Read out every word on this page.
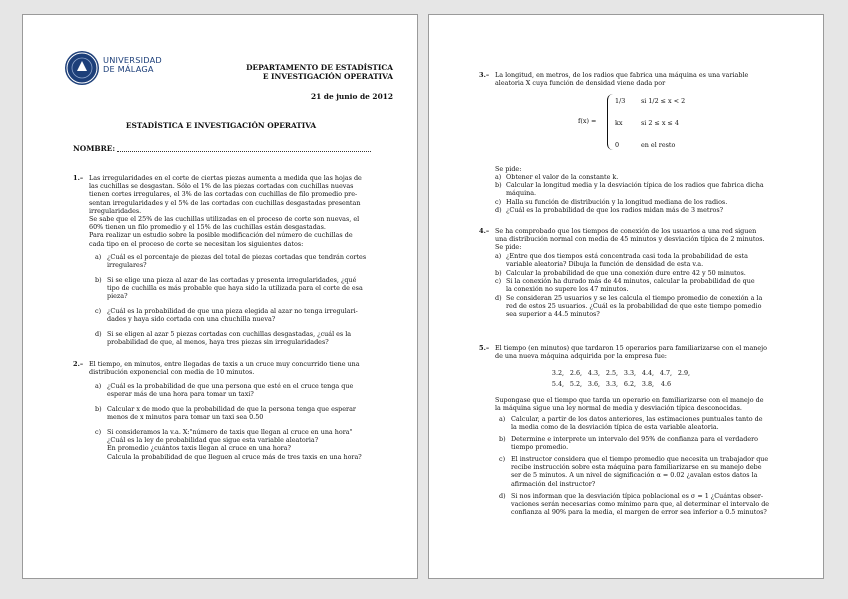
UNIVERSIDAD
DE MÁLAGA	DEPARTAMENTO DE ESTADÍSTICA
E INVESTIGACIÓN OPERATIVA
21 de junio de 2012
ESTADÍSTICA E INVESTIGACIÓN OPERATIVA
NOMBRE:
1.– Las irregularidades en el corte de ciertas piezas aumenta a medida que las hojas de
las cuchillas se desgastan. Sólo el 1% de las piezas cortadas con cuchillas nuevas
tienen cortes irregulares, el 3% de las cortadas con cuchillas de filo promedio pre-
sentan irregularidades y el 5% de las cortadas con cuchillas desgastadas presentan
irregularidades.
Se sabe que el 25% de las cuchillas utilizadas en el proceso de corte son nuevas, el
60% tienen un filo promedio y el 15% de las cuchillas están desgastadas.
Para realizar un estudio sobre la posible modificación del número de cuchillas de
cada tipo en el proceso de corte se necesitan los siguientes datos:
a) ¿Cuál es el porcentaje de piezas del total de piezas cortadas que tendrán cortes
irregulares?
b) Si se elige una pieza al azar de las cortadas y presenta irregularidades, ¿qué
tipo de cuchilla es más probable que haya sido la utilizada para el corte de esa
pieza?
c) ¿Cuál es la probabilidad de que una pieza elegida al azar no tenga irregulari-
dades y haya sido cortada con una chuchilla nueva?
d) Si se eligen al azar 5 piezas cortadas con cuchillas desgastadas, ¿cuál es la
probabilidad de que, al menos, haya tres piezas sin irregularidades?
2.– El tiempo, en minutos, entre llegadas de taxis a un cruce muy concurrido tiene una
distribución exponencial con media de 10 minutos.
a) ¿Cuál es la probabilidad de que una persona que esté en el cruce tenga que
esperar más de una hora para tomar un taxi?
b) Calcular x de modo que la probabilidad de que la persona tenga que esperar
menos de x minutos para tomar un taxi sea 0.50
c) Si consideramos la v.a. X:"número de taxis que llegan al cruce en una hora"
¿Cuál es la ley de probabilidad que sigue esta variable aleatoria?
En promedio ¿cuántos taxis llegan al cruce en una hora?
Calcula la probabilidad de que lleguen al cruce más de tres taxis en una hora?
3.– La longitud, en metros, de los radios que fabrica una máquina es una variable
aleatoria X cuya función de densidad viene dada por
f(x) =
1/3 si 1/2 ≤ x < 2
kx	si 2 ≤ x ≤ 4
0	en el resto
Se pide:
a) Obtener el valor de la constante k.
b) Calcular la longitud media y la desviación típica de los radios que fabrica dicha
máquina.
c) Halla su función de distribución y la longitud mediana de los radios.
d) ¿Cuál es la probabilidad de que los radios midan más de 3 metros?
4.– Se ha comprobado que los tiempos de conexión de los usuarios a una red siguen
una distribución normal con media de 45 minutos y desviación típica de 2 minutos.
Se pide:
a) ¿Entre que dos tiempos está concentrada casi toda la probabilidad de esta
variable aleatoria? Dibuja la función de densidad de esta v.a.
b) Calcular la probabilidad de que una conexión dure entre 42 y 50 minutos.
c) Si la conexión ha durado más de 44 minutos, calcular la probabilidad de que
la conexión no supere los 47 minutos.
d) Se consideran 25 usuarios y se les calcula el tiempo promedio de conexión a la
red de estos 25 usuarios. ¿Cuál es la probabilidad de que este tiempo pomedio
sea superior a 44.5 minutos?
5.– El tiempo (en minutos) que tardaron 15 operarios para familiarizarse con el manejo
de una nueva máquina adquirida por la empresa fue:
3.2, 2.6, 4.3, 2.5, 3.3, 4.4, 4.7, 2.9,
5.4, 5.2, 3.6, 3.3, 6.2, 3.8, 4.6
Supongase que el tiempo que tarda un operario en familiarizarse con el manejo de
la máquina sigue una ley normal de media y desviación típica desconocidas.
a) Calcular, a partir de los datos anteriores, las estimaciones puntuales tanto de
la media como de la desviación típica de esta variable aleatoria.
b) Determine e interprete un intervalo del 95% de confianza para el verdadero
tiempo promedio.
c) El instructor considera que el tiempo promedio que necesita un trabajador que
recibe instrucción sobre esta máquina para familiarizarse en su manejo debe
ser de 5 minutos. A un nivel de significación α = 0.02 ¿avalan estos datos la
afirmación del instructor?
d) Si nos informan que la desviación típica poblacional es σ = 1 ¿Cuántas obser-
vaciones serán necesarias como mínimo para que, al determinar el intervalo de
confianza al 90% para la media, el margen de error sea inferior a 0.5 minutos?
